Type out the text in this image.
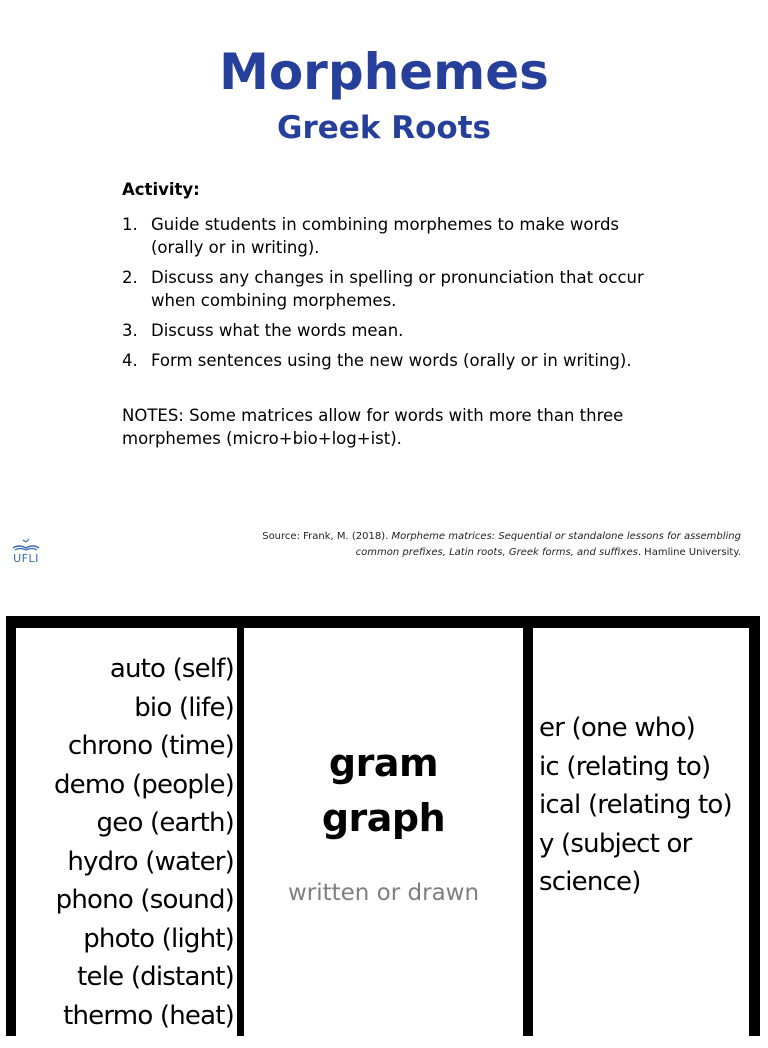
Morphemes
Greek Roots
Activity:
1. Guide students in combining morphemes to make words (orally or in writing).
2. Discuss any changes in spelling or pronunciation that occur when combining morphemes.
3. Discuss what the words mean.
4. Form sentences using the new words (orally or in writing).
NOTES: Some matrices allow for words with more than three morphemes (micro+bio+log+ist).
UFLI
Source: Frank, M. (2018). Morpheme matrices: Sequential or standalone lessons for assembling common prefixes, Latin roots, Greek forms, and suffixes. Hamline University.
auto (self)
bio (life)
chrono (time)
demo (people)
geo (earth)
hydro (water)
phono (sound)
photo (light)
tele (distant)
thermo (heat)
gram
graph
written or drawn
er (one who)
ic (relating to)
ical (relating to)
y (subject or
science)
